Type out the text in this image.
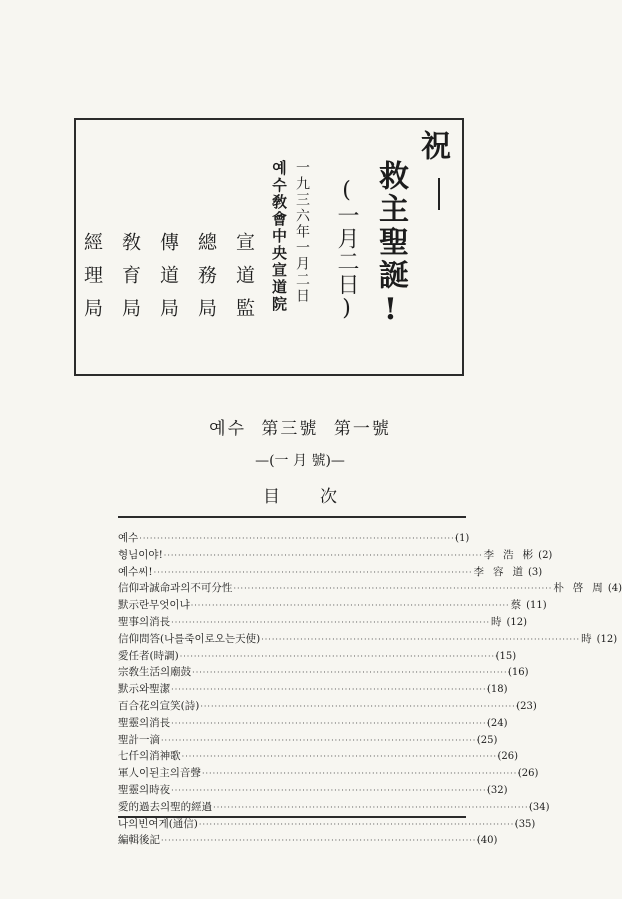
祝
救主聖誕!
(一月二日)
一九三六年一月二日
예수敎會中央宣道院
宣道監
總務局
傳道局
敎育局
經理局
예수 第三號 第一號
—(一 月 號)—
目次
예수 ··························································································
(1)
형님이야! ·························································································· 李浩彬
(2)
예수씨! ·························································································· 李容道
(3)
信仰과誠命과의不可分性 ·························································································· 朴啓周
(4)
默示란무엇이냐 ·························································································· 蔡
(11)
聖事의消長 ·························································································· 時
(12)
信仰問答(나를죽이로오는天使) ·························································································· 時
(12)
愛任者(時調) ··························································································
(15)
宗敎生活의廟鼓 ··························································································
(16)
默示와聖潔 ··························································································
(18)
百合花의宣笑(詩) ··························································································
(23)
聖靈의消長 ··························································································
(24)
聖計一滴 ··························································································
(25)
七仟의消神歌 ··························································································
(26)
軍人이된主의音聲 ··························································································
(26)
聖靈의時夜 ··························································································
(32)
愛的過去의聖的經過 ··························································································
(34)
나의빈여게(通信) ··························································································
(35)
編輯後記 ··························································································
(40)
